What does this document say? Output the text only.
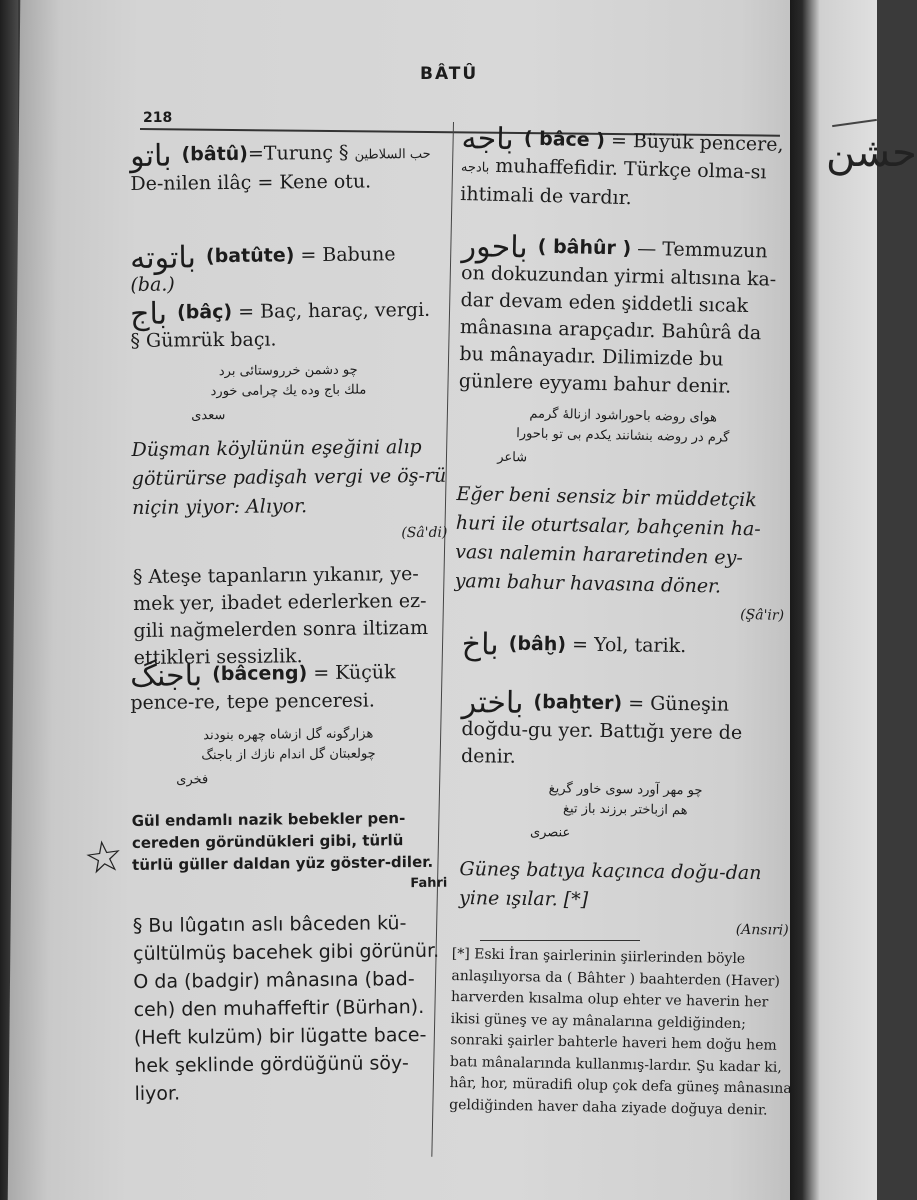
حشن
BÂTÛ
218

باتو (bâtû)=Turunç § حب السلاطين De-nilen ilâç = Kene otu.

باتوته (batûte) = Babune (ba.)

باج (bâç) = Baç, haraç, vergi. § Gümrük baçı.

چو دشمن خرروستائی برد
ملك باج وده يك چرامى خورد
سعدى

Düşman köylünün eşeğini alıp götürürse padişah vergi ve öş-rü niçin yiyor: Alıyor.

(Sâ'di)

§ Ateşe tapanların yıkanır, ye-mek yer, ibadet ederlerken ez-gili nağmelerden sonra iltizam ettikleri sessizlik.

باجنگ (bâceng) = Küçük pence-re, tepe penceresi.

هزارگونه گل ازشاه چهره بنودند
چولعبتان گل اندام نازك از باجنگ
فخرى

Gül endamlı nazik bebekler pen-cereden göründükleri gibi, türlü türlü güller daldan yüz göster-diler.

Fahri

§ Bu lûgatın aslı bâceden kü-çültülmüş bacehek gibi görünür. O da (badgir) mânasına (bad-ceh) den muhaffeftir (Bürhan). (Heft kulzüm) bir lügatte bace-hek şeklinde gördüğünü söy-liyor.

☆

باجه ( bâce ) = Büyük pencere, بادجه muhaffefidir. Türkçe olma-sı ihtimali de vardır.

باحور ( bâhûr ) — Temmuzun on dokuzundan yirmi altısına ka-dar devam eden şiddetli sıcak mânasına arapçadır. Bahûrâ da bu mânayadır. Dilimizde bu günlere eyyamı bahur denir.

هواى روضه باحوراشود ازنالهٔ گرمم
گرم در روضه بنشانند يكدم بى تو باحورا
شاعر

Eğer beni sensiz bir müddetçik huri ile oturtsalar, bahçenin ha-vası nalemin hararetinden ey-yamı bahur havasına döner.

(Şâ'ir)

باخ (bâḫ) = Yol, tarik.

باختر (baḫter) = Güneşin doğdu-gu yer. Battığı yere de denir.

چو مهر آورد سوى خاور گريغ
هم ازباختر برزند باز تيغ
عنصرى

Güneş batıya kaçınca doğu-dan yine ışılar. [*]

(Ansıri)
[*] Eski İran şairlerinin şiirlerinden böyle anlaşılıyorsa da ( Bâhter ) baahterden (Haver) harverden kısalma olup ehter ve haverin her ikisi güneş ve ay mânalarına geldiğinden; sonraki şairler bahterle haveri hem doğu hem batı mânalarında kullanmış-lardır. Şu kadar ki, hâr, hor, müradifi olup çok defa güneş mânasına geldiğinden haver daha ziyade doğuya denir.
